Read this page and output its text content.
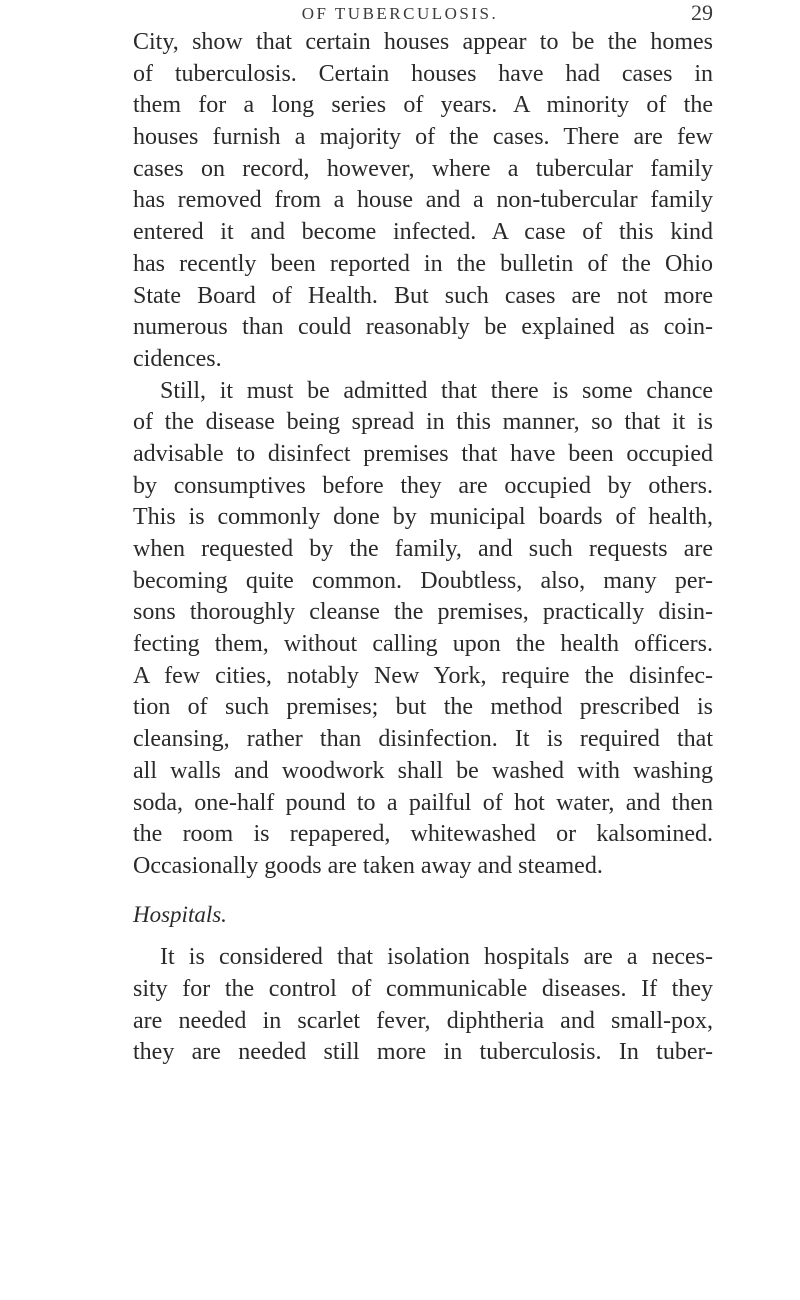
OF TUBERCULOSIS.	29
City, show that certain houses appear to be the homes
of tuberculosis. Certain houses have had cases in
them for a long series of years. A minority of the
houses furnish a majority of the cases. There are few
cases on record, however, where a tubercular family
has removed from a house and a non-tubercular family
entered it and become infected. A case of this kind
has recently been reported in the bulletin of the Ohio
State Board of Health. But such cases are not more
numerous than could reasonably be explained as coin-
cidences.
Still, it must be admitted that there is some chance
of the disease being spread in this manner, so that it is
advisable to disinfect premises that have been occupied
by consumptives before they are occupied by others.
This is commonly done by municipal boards of health,
when requested by the family, and such requests are
becoming quite common. Doubtless, also, many per-
sons thoroughly cleanse the premises, practically disin-
fecting them, without calling upon the health officers.
A few cities, notably New York, require the disinfec-
tion of such premises; but the method prescribed is
cleansing, rather than disinfection. It is required that
all walls and woodwork shall be washed with washing
soda, one-half pound to a pailful of hot water, and then
the room is repapered, whitewashed or kalsomined.
Occasionally goods are taken away and steamed.
Hospitals.
It is considered that isolation hospitals are a neces-
sity for the control of communicable diseases. If they
are needed in scarlet fever, diphtheria and small-pox,
they are needed still more in tuberculosis. In tuber-
